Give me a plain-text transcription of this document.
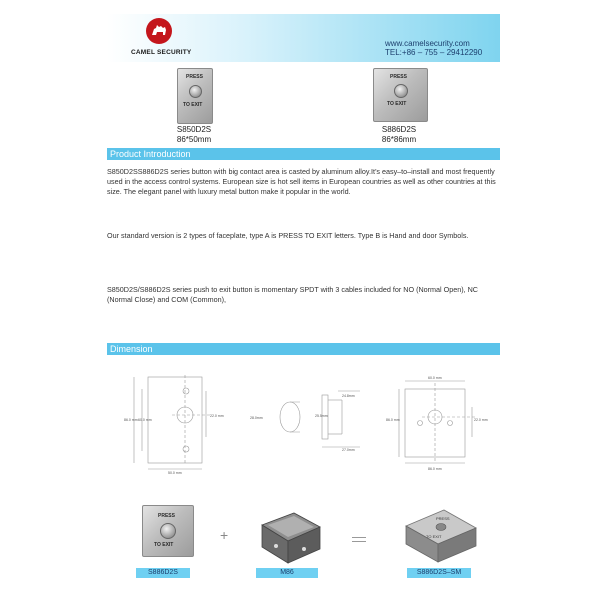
CAMEL SECURITY
www.camelsecurity.com
TEL:+86 – 755 – 29412290
PRESS
TO EXIT
S850D2S
86*50mm
PRESS
TO EXIT
S886D2S
86*86mm
Product Introduction
S850D2SS886D2S series button with big contact area is casted by aluminum alloy.It’s easy–to–install and most frequently used in the access control systems. European size is hot sell items in European countries as well as other countries at this size. The elegant panel with luxury metal button make it popular in the world.
Our standard version is 2 types of faceplate, type A is PRESS TO EXIT letters. Type B is Hand and door Symbols.
S850D2S/S886D2S series push to exit button is momentary SPDT with 3 cables included for NO (Normal Open), NC (Normal Close) and COM (Common),
Dimension
86.0 mm 60.0 mm
50.0 mm
22.0 mm	28.0mm
24.8mm
25.5mm
27.0mm
60.0 mm
86.0 mm	22.0 mm
86.0 mm
PRESS
TO EXIT
+
PRESS
TO EXIT
S886D2S	M86	S886D2S–SM
